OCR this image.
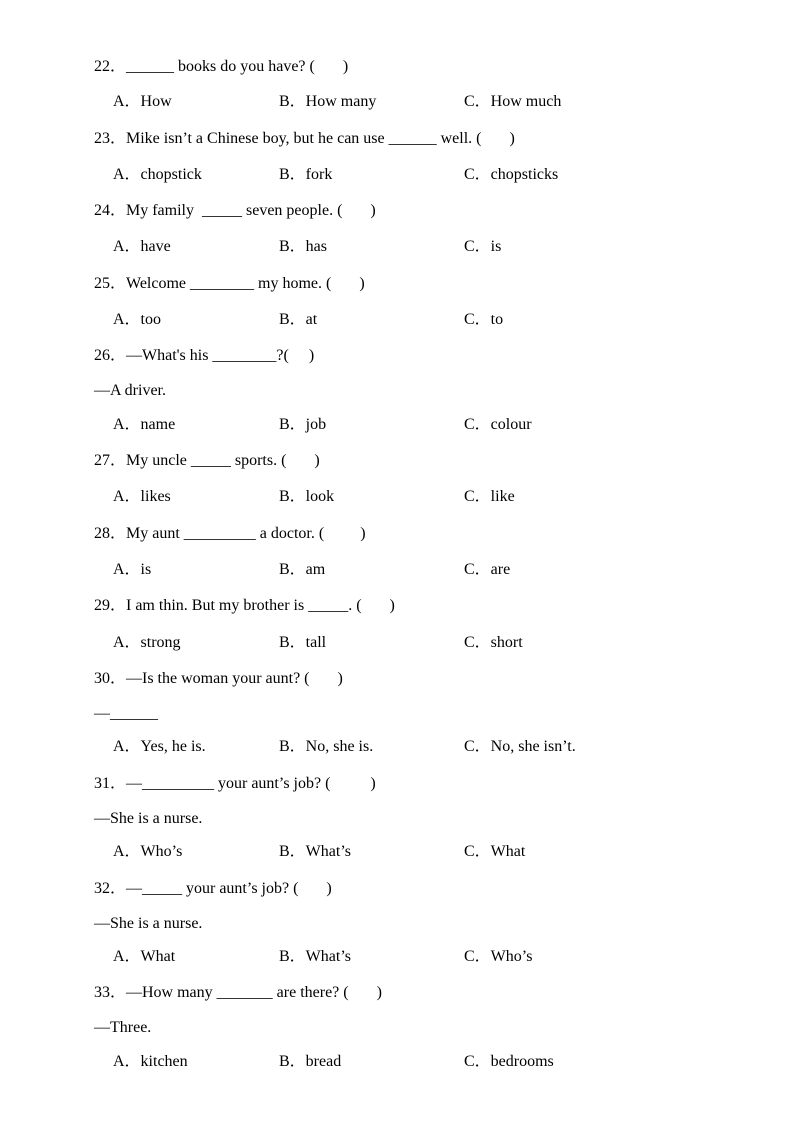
22．______ books do you have? (       )
A．How	B．How many	C．How much
23．Mike isn’t a Chinese boy, but he can use ______ well. (       )
A．chopstick	B．fork	C．chopsticks
24．My family  _____ seven people. (       )
A．have	B．has	C．is
25．Welcome ________ my home. (       )
A．too	B．at	C．to
26．—What's his ________?(     )
—A driver.
A．name	B．job	C．colour
27．My uncle _____ sports. (       )
A．likes	B．look	C．like
28．My aunt _________ a doctor. (         )
A．is	B．am	C．are
29．I am thin. But my brother is _____. (       )
A．strong	B．tall	C．short
30．—Is the woman your aunt? (       )
—______
A．Yes, he is.	B．No, she is.	C．No, she isn’t.
31．—_________ your aunt’s job? (          )
—She is a nurse.
A．Who’s	B．What’s	C．What
32．—_____ your aunt’s job? (       )
—She is a nurse.
A．What	B．What’s	C．Who’s
33．—How many _______ are there? (       )
—Three.
A．kitchen	B．bread	C．bedrooms
